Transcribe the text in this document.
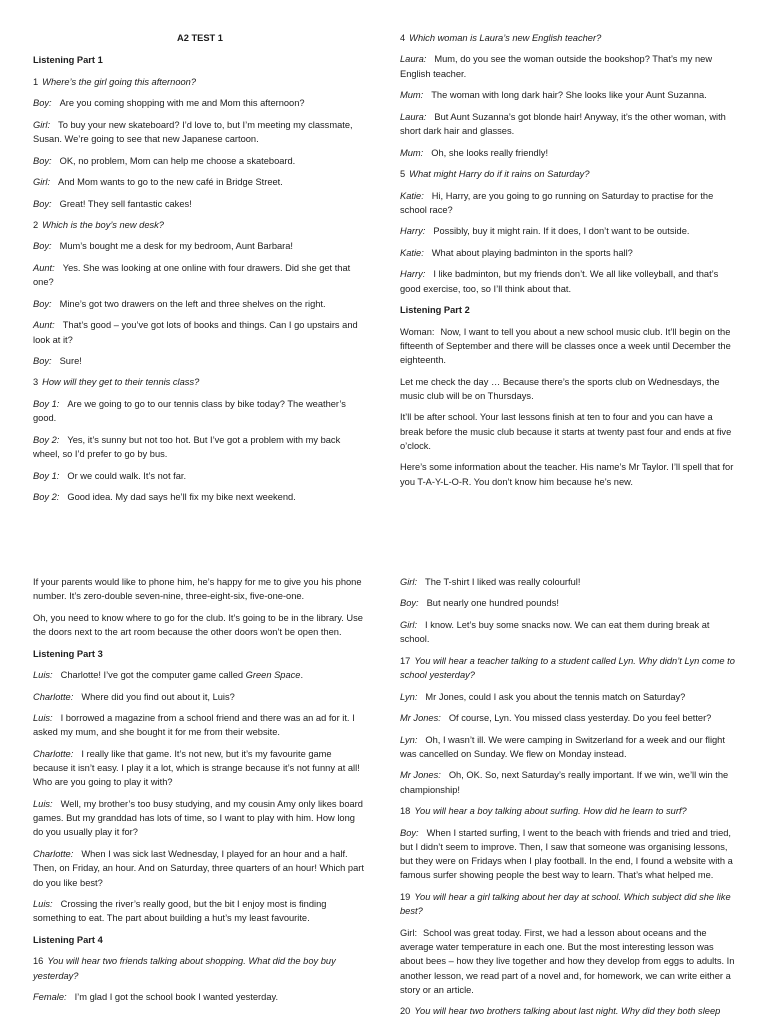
A2 TEST 1
Listening Part 1
1 Where’s the girl going this afternoon?
Boy: Are you coming shopping with me and Mom this afternoon?
Girl: To buy your new skateboard? I’d love to, but I’m meeting my classmate, Susan. We’re going to see that new Japanese cartoon.
Boy: OK, no problem, Mom can help me choose a skateboard.
Girl: And Mom wants to go to the new café in Bridge Street.
Boy: Great! They sell fantastic cakes!
2 Which is the boy’s new desk?
Boy: Mum’s bought me a desk for my bedroom, Aunt Barbara!
Aunt: Yes. She was looking at one online with four drawers. Did she get that one?
Boy: Mine’s got two drawers on the left and three shelves on the right.
Aunt: That’s good – you’ve got lots of books and things. Can I go upstairs and look at it?
Boy: Sure!
3 How will they get to their tennis class?
Boy 1: Are we going to go to our tennis class by bike today? The weather’s good.
Boy 2: Yes, it’s sunny but not too hot. But I’ve got a problem with my back wheel, so I’d prefer to go by bus.
Boy 1: Or we could walk. It’s not far.
Boy 2: Good idea. My dad says he’ll fix my bike next weekend.
4 Which woman is Laura’s new English teacher?
Laura: Mum, do you see the woman outside the bookshop? That’s my new English teacher.
Mum: The woman with long dark hair? She looks like your Aunt Suzanna.
Laura: But Aunt Suzanna’s got blonde hair! Anyway, it’s the other woman, with short dark hair and glasses.
Mum: Oh, she looks really friendly!
5 What might Harry do if it rains on Saturday?
Katie: Hi, Harry, are you going to go running on Saturday to practise for the school race?
Harry: Possibly, buy it might rain. If it does, I don’t want to be outside.
Katie: What about playing badminton in the sports hall?
Harry: I like badminton, but my friends don’t. We all like volleyball, and that’s good exercise, too, so I’ll think about that.
Listening Part 2
Woman: Now, I want to tell you about a new school music club. It’ll begin on the fifteenth of September and there will be classes once a week until December the eighteenth.
Let me check the day … Because there’s the sports club on Wednesdays, the music club will be on Thursdays.
It’ll be after school. Your last lessons finish at ten to four and you can have a break before the music club because it starts at twenty past four and ends at five o’clock.
Here’s some information about the teacher. His name’s Mr Taylor. I’ll spell that for you T-A-Y-L-O-R. You don’t know him because he’s new.
If your parents would like to phone him, he’s happy for me to give you his phone number. It’s zero-double seven-nine, three-eight-six, five-one-one.
Oh, you need to know where to go for the club. It’s going to be in the library. Use the doors next to the art room because the other doors won’t be open then.
Listening Part 3
Luis: Charlotte! I’ve got the computer game called Green Space.
Charlotte: Where did you find out about it, Luis?
Luis: I borrowed a magazine from a school friend and there was an ad for it. I asked my mum, and she bought it for me from their website.
Charlotte: I really like that game. It’s not new, but it’s my favourite game because it isn’t easy. I play it a lot, which is strange because it’s not funny at all! Who are you going to play it with?
Luis: Well, my brother’s too busy studying, and my cousin Amy only likes board games. But my granddad has lots of time, so I want to play with him. How long do you usually play it for?
Charlotte: When I was sick last Wednesday, I played for an hour and a half. Then, on Friday, an hour. And on Saturday, three quarters of an hour! Which part do you like best?
Luis: Crossing the river’s really good, but the bit I enjoy most is finding something to eat. The part about building a hut’s my least favourite.
Listening Part 4
16 You will hear two friends talking about shopping. What did the boy buy yesterday?
Female: I’m glad I got the school book I wanted yesterday.
Girl: The T-shirt I liked was really colourful!
Boy: But nearly one hundred pounds!
Girl: I know. Let’s buy some snacks now. We can eat them during break at school.
17 You will hear a teacher talking to a student called Lyn. Why didn’t Lyn come to school yesterday?
Lyn: Mr Jones, could I ask you about the tennis match on Saturday?
Mr Jones: Of course, Lyn. You missed class yesterday. Do you feel better?
Lyn: Oh, I wasn’t ill. We were camping in Switzerland for a week and our flight was cancelled on Sunday. We flew on Monday instead.
Mr Jones: Oh, OK. So, next Saturday’s really important. If we win, we’ll win the championship!
18 You will hear a boy talking about surfing. How did he learn to surf?
Boy: When I started surfing, I went to the beach with friends and tried and tried, but I didn’t seem to improve. Then, I saw that someone was organising lessons, but they were on Fridays when I play football. In the end, I found a website with a famous surfer showing people the best way to learn. That’s what helped me.
19 You will hear a girl talking about her day at school. Which subject did she like best?
Girl: School was great today. First, we had a lesson about oceans and the average water temperature in each one. But the most interesting lesson was about bees – how they live together and how they develop from eggs to adults. In another lesson, we read part of a novel and, for homework, we can write either a story or an article.
20 You will hear two brothers talking about last night. Why did they both sleep
